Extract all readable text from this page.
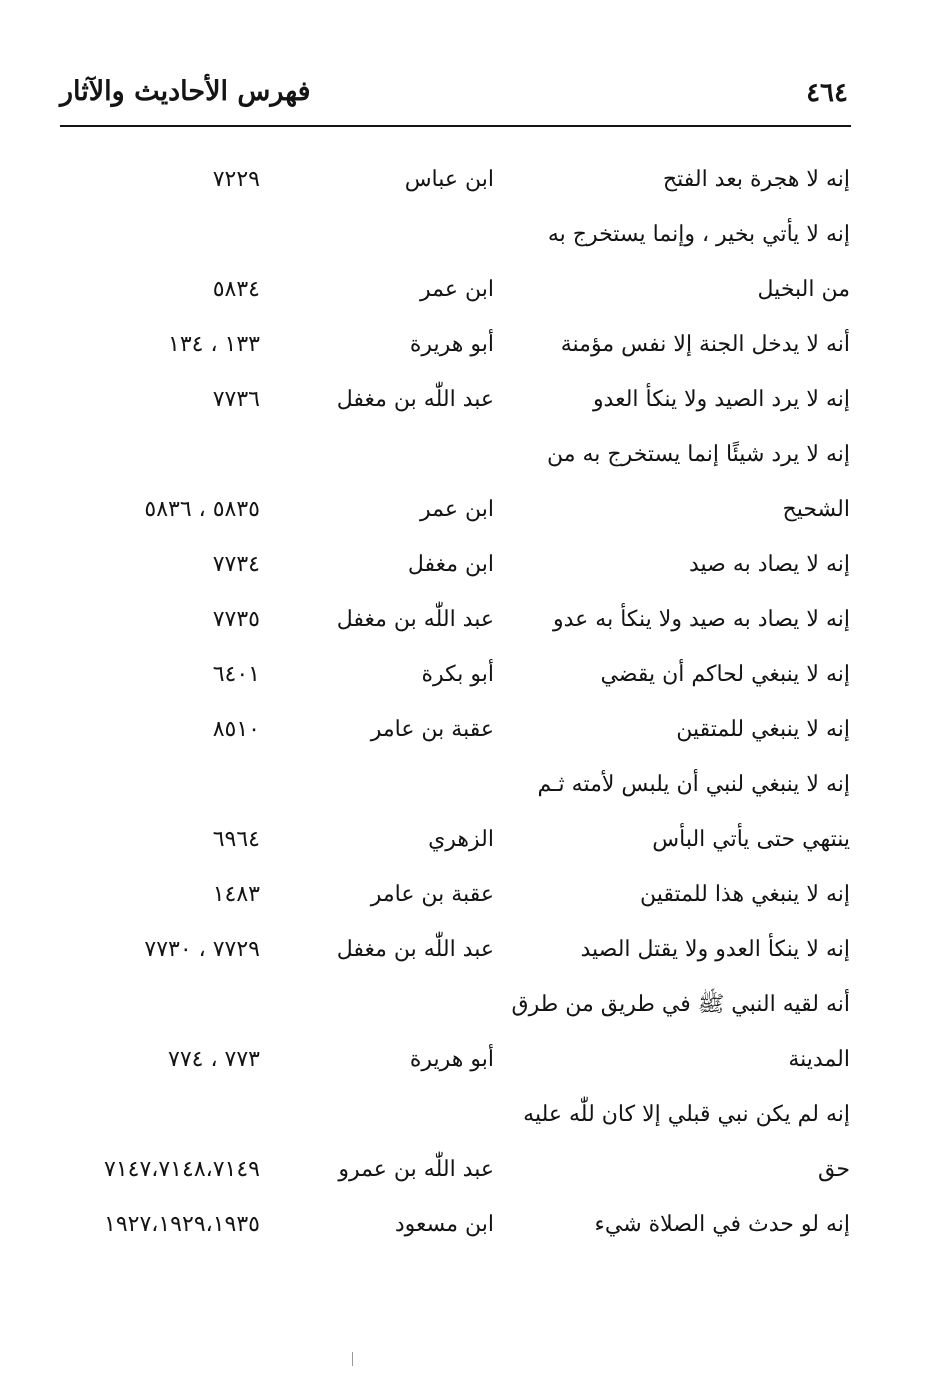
فهرس الأحاديث والآثار	٤٦٤
إنه لا هجرة بعد الفتح
ابن عباس
٧٢٢٩
إنه لا يأتي بخير ، وإنما يستخرج به
من البخيل
ابن عمر
٥٨٣٤
أنه لا يدخل الجنة إلا نفس مؤمنة
أبو هريرة
١٣٣ ، ١٣٤
إنه لا يرد الصيد ولا ينكأ العدو
عبد اللّٰه بن مغفل
٧٧٣٦
إنه لا يرد شيئًا إنما يستخرج به من
الشحيح
ابن عمر
٥٨٣٥ ، ٥٨٣٦
إنه لا يصاد به صيد
ابن مغفل
٧٧٣٤
إنه لا يصاد به صيد ولا ينكأ به عدو
عبد اللّٰه بن مغفل
٧٧٣٥
إنه لا ينبغي لحاكم أن يقضي
أبو بكرة
٦٤٠١
إنه لا ينبغي للمتقين
عقبة بن عامر
٨٥١٠
إنه لا ينبغي لنبي أن يلبس لأمته ثـم
ينتهي حتى يأتي البأس
الزهري
٦٩٦٤
إنه لا ينبغي هذا للمتقين
عقبة بن عامر
١٤٨٣
إنه لا ينكأ العدو ولا يقتل الصيد
عبد اللّٰه بن مغفل
٧٧٢٩ ، ٧٧٣٠
أنه لقيه النبي ﷺ في طريق من طرق
المدينة
أبو هريرة
٧٧٣ ، ٧٧٤
إنه لم يكن نبي قبلي إلا كان للّٰه عليه
حق
عبد اللّٰه بن عمرو
٧١٤٧،٧١٤٨،٧١٤٩
إنه لو حدث في الصلاة شيء
ابن مسعود
١٩٢٧،١٩٢٩،١٩٣٥
